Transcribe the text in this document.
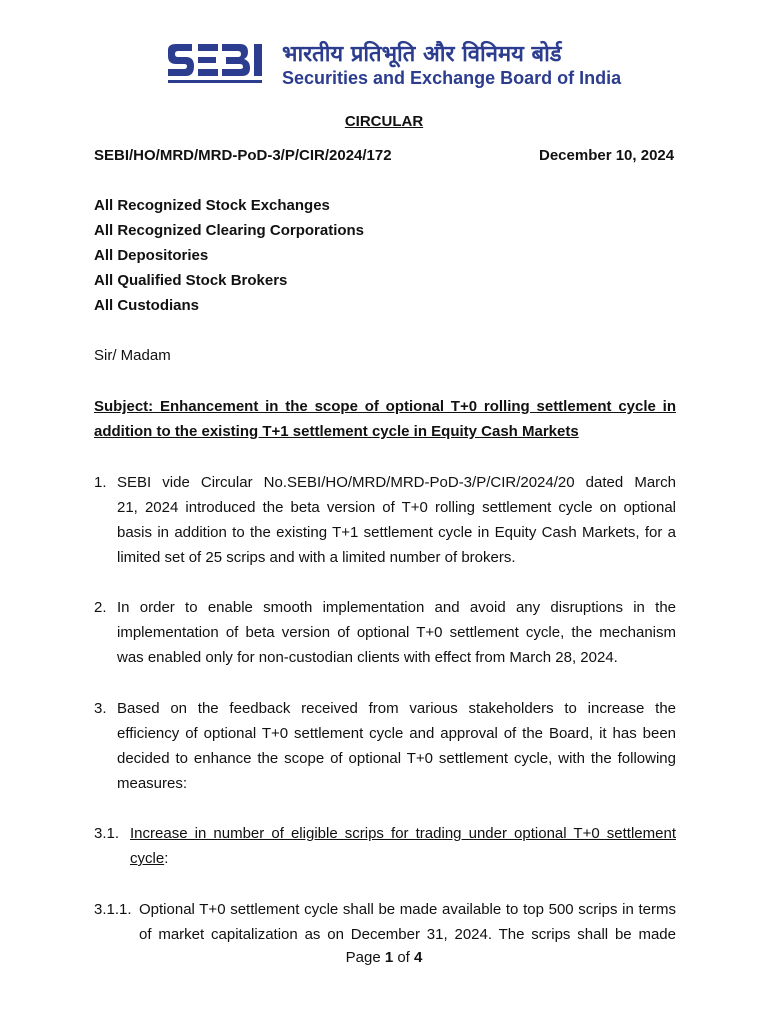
भारतीय प्रतिभूति और विनिमय बोर्ड
Securities and Exchange Board of India
CIRCULAR
SEBI/HO/MRD/MRD-PoD-3/P/CIR/2024/172	December 10, 2024
All Recognized Stock Exchanges
All Recognized Clearing Corporations
All Depositories
All Qualified Stock Brokers
All Custodians
Sir/ Madam
Subject: Enhancement in the scope of optional T+0 rolling settlement cycle in
addition to the existing T+1 settlement cycle in Equity Cash Markets
1. SEBI vide Circular No.SEBI/HO/MRD/MRD-PoD-3/P/CIR/2024/20 dated March
21, 2024 introduced the beta version of T+0 rolling settlement cycle on optional
basis in addition to the existing T+1 settlement cycle in Equity Cash Markets, for a
limited set of 25 scrips and with a limited number of brokers.
2. In order to enable smooth implementation and avoid any disruptions in the
implementation of beta version of optional T+0 settlement cycle, the mechanism
was enabled only for non-custodian clients with effect from March 28, 2024.
3. Based on the feedback received from various stakeholders to increase the
efficiency of optional T+0 settlement cycle and approval of the Board, it has been
decided to enhance the scope of optional T+0 settlement cycle, with the following
measures:
3.1. Increase in number of eligible scrips for trading under optional T+0 settlement
cycle:
3.1.1. Optional T+0 settlement cycle shall be made available to top 500 scrips in terms
of market capitalization as on December 31, 2024. The scrips shall be made
Page 1 of 4
